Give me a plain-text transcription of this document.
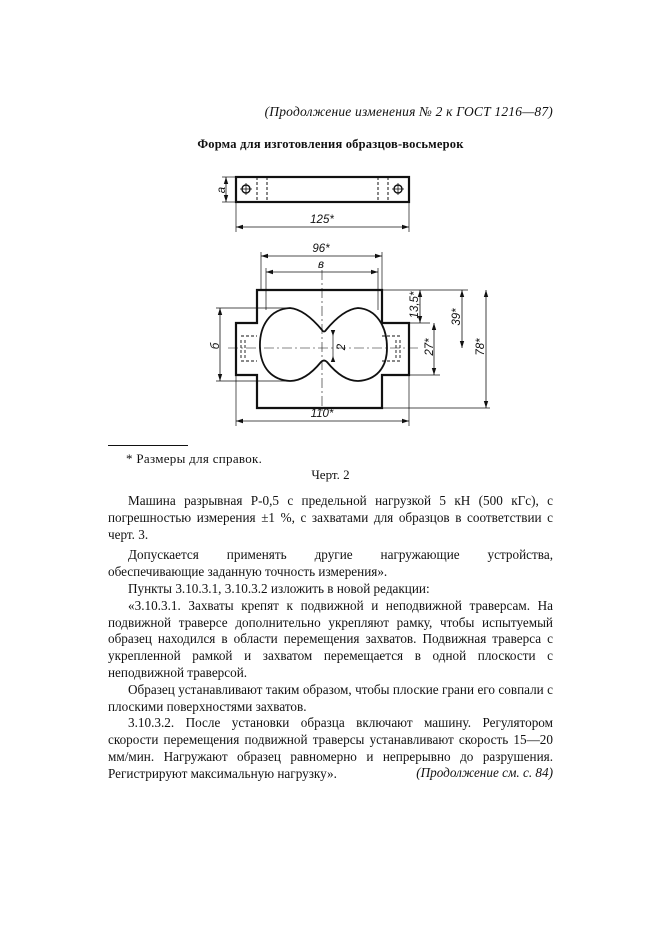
(Продолжение изменения № 2 к ГОСТ 1216—87)
Форма для изготовления образцов-восьмерок
a
125*
96*
в
б	2
13,5*
27*
39*
78*
110*
* Размеры для справок.
Черт. 2

Машина разрывная Р-0,5 с предельной нагрузкой 5 кН (500 кГс), с погрешностью измерения ±1 %, с захватами для образцов в соответствии с черт. 3.

Допускается применять другие нагружающие устройства, обеспечивающие заданную точность измерения».

Пункты 3.10.3.1, 3.10.3.2 изложить в новой редакции:

«3.10.3.1. Захваты крепят к подвижной и неподвижной траверсам. На подвижной траверсе дополнительно укрепляют рамку, чтобы испытуемый образец находился в области перемещения захватов. Подвижная траверса с укрепленной рамкой и захватом перемещается в одной плоскости с неподвижной траверсой.

Образец устанавливают таким образом, чтобы плоские грани его совпали с плоскими поверхностями захватов.

3.10.3.2. После установки образца включают машину. Регулятором скорости перемещения подвижной траверсы устанавливают скорость 15—20 мм/мин. Нагружают образец равномерно и непрерывно до разрушения. Регистрируют максимальную нагрузку».	(Продолжение см. с. 84)
